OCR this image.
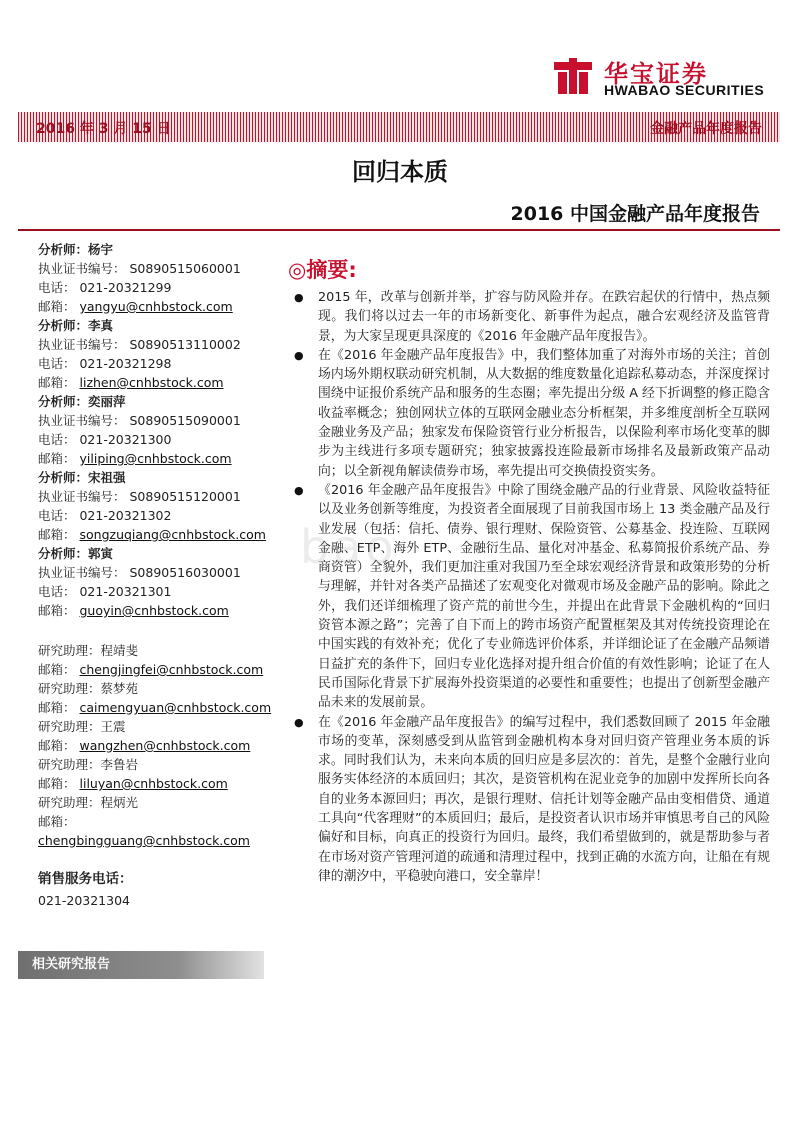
华宝证券
HWABAO SECURITIES
2016 年 3 月 15 日	金融产品年度报告
回归本质
2016 中国金融产品年度报告
分析师：杨宇
执业证书编号： S0890515060001
电话： 021-20321299
邮箱： yangyu@cnhbstock.com
分析师：李真
执业证书编号： S0890513110002
电话： 021-20321298
邮箱： lizhen@cnhbstock.com
分析师：奕丽萍
执业证书编号： S0890515090001
电话： 021-20321300
邮箱： yiliping@cnhbstock.com
分析师：宋祖强
执业证书编号： S0890515120001
电话： 021-20321302
邮箱： songzuqiang@cnhbstock.com
分析师：郭寅
执业证书编号： S0890516030001
电话： 021-20321301
邮箱： guoyin@cnhbstock.com
研究助理：程靖斐
邮箱： chengjingfei@cnhbstock.com
研究助理：蔡梦苑
邮箱： caimengyuan@cnhbstock.com
研究助理：王震
邮箱： wangzhen@cnhbstock.com
研究助理：李鲁岩
邮箱： liluyan@cnhbstock.com
研究助理：程炳光
邮箱：
chengbingguang@cnhbstock.com
销售服务电话：
021-20321304
相关研究报告
◎摘要:
● 2015 年，改革与创新并举，扩容与防风险并存。在跌宕起伏的行情中，热点频现。我们将以过去一年的市场新变化、新事件为起点，融合宏观经济及监管背景，为大家呈现更具深度的《2016 年金融产品年度报告》。
● 在《2016 年金融产品年度报告》中，我们整体加重了对海外市场的关注；首创场内场外期权联动研究机制，从大数据的维度数量化追踪私募动态，并深度探讨围绕中证报价系统产品和服务的生态圈；率先提出分级 A 经下折调整的修正隐含收益率概念；独创网状立体的互联网金融业态分析框架，并多维度剖析全互联网金融业务及产品；独家发布保险资管行业分析报告，以保险利率市场化变革的脚步为主线进行多项专题研究；独家披露投连险最新市场排名及最新政策产品动向；以全新视角解读债券市场，率先提出可交换债投资实务。
● 《2016 年金融产品年度报告》中除了围绕金融产品的行业背景、风险收益特征以及业务创新等维度，为投资者全面展现了目前我国市场上 13 类金融产品及行业发展（包括：信托、债券、银行理财、保险资管、公募基金、投连险、互联网金融、ETP、海外 ETP、金融衍生品、量化对冲基金、私募简报价系统产品、券商资管）全貌外，我们更加注重对我国乃至全球宏观经济背景和政策形势的分析与理解，并针对各类产品描述了宏观变化对微观市场及金融产品的影响。除此之外，我们还详细梳理了资产荒的前世今生，并提出在此背景下金融机构的“回归资管本源之路”；完善了自下而上的跨市场资产配置框架及其对传统投资理论在中国实践的有效补充；优化了专业筛选评价体系，并详细论证了在金融产品频谱日益扩充的条件下，回归专业化选择对提升组合价值的有效性影响；论证了在人民币国际化背景下扩展海外投资渠道的必要性和重要性；也提出了创新型金融产品未来的发展前景。
● 在《2016 年金融产品年度报告》的编写过程中，我们悉数回顾了 2015 年金融市场的变革，深刻感受到从监管到金融机构本身对回归资产管理业务本质的诉求。同时我们认为，未来向本质的回归应是多层次的：首先，是整个金融行业向服务实体经济的本质回归；其次，是资管机构在泥业竞争的加剧中发挥所长向各自的业务本源回归；再次，是银行理财、信托计划等金融产品由变相借贷、通道工具向“代客理财”的本质回归；最后，是投资者认识市场并审慎思考自己的风险偏好和目标，向真正的投资行为回归。最终，我们希望做到的，就是帮助参与者在市场对资产管理河道的疏通和清理过程中，找到正确的水流方向，让船在有规律的潮汐中，平稳驶向港口，安全靠岸！
bao
